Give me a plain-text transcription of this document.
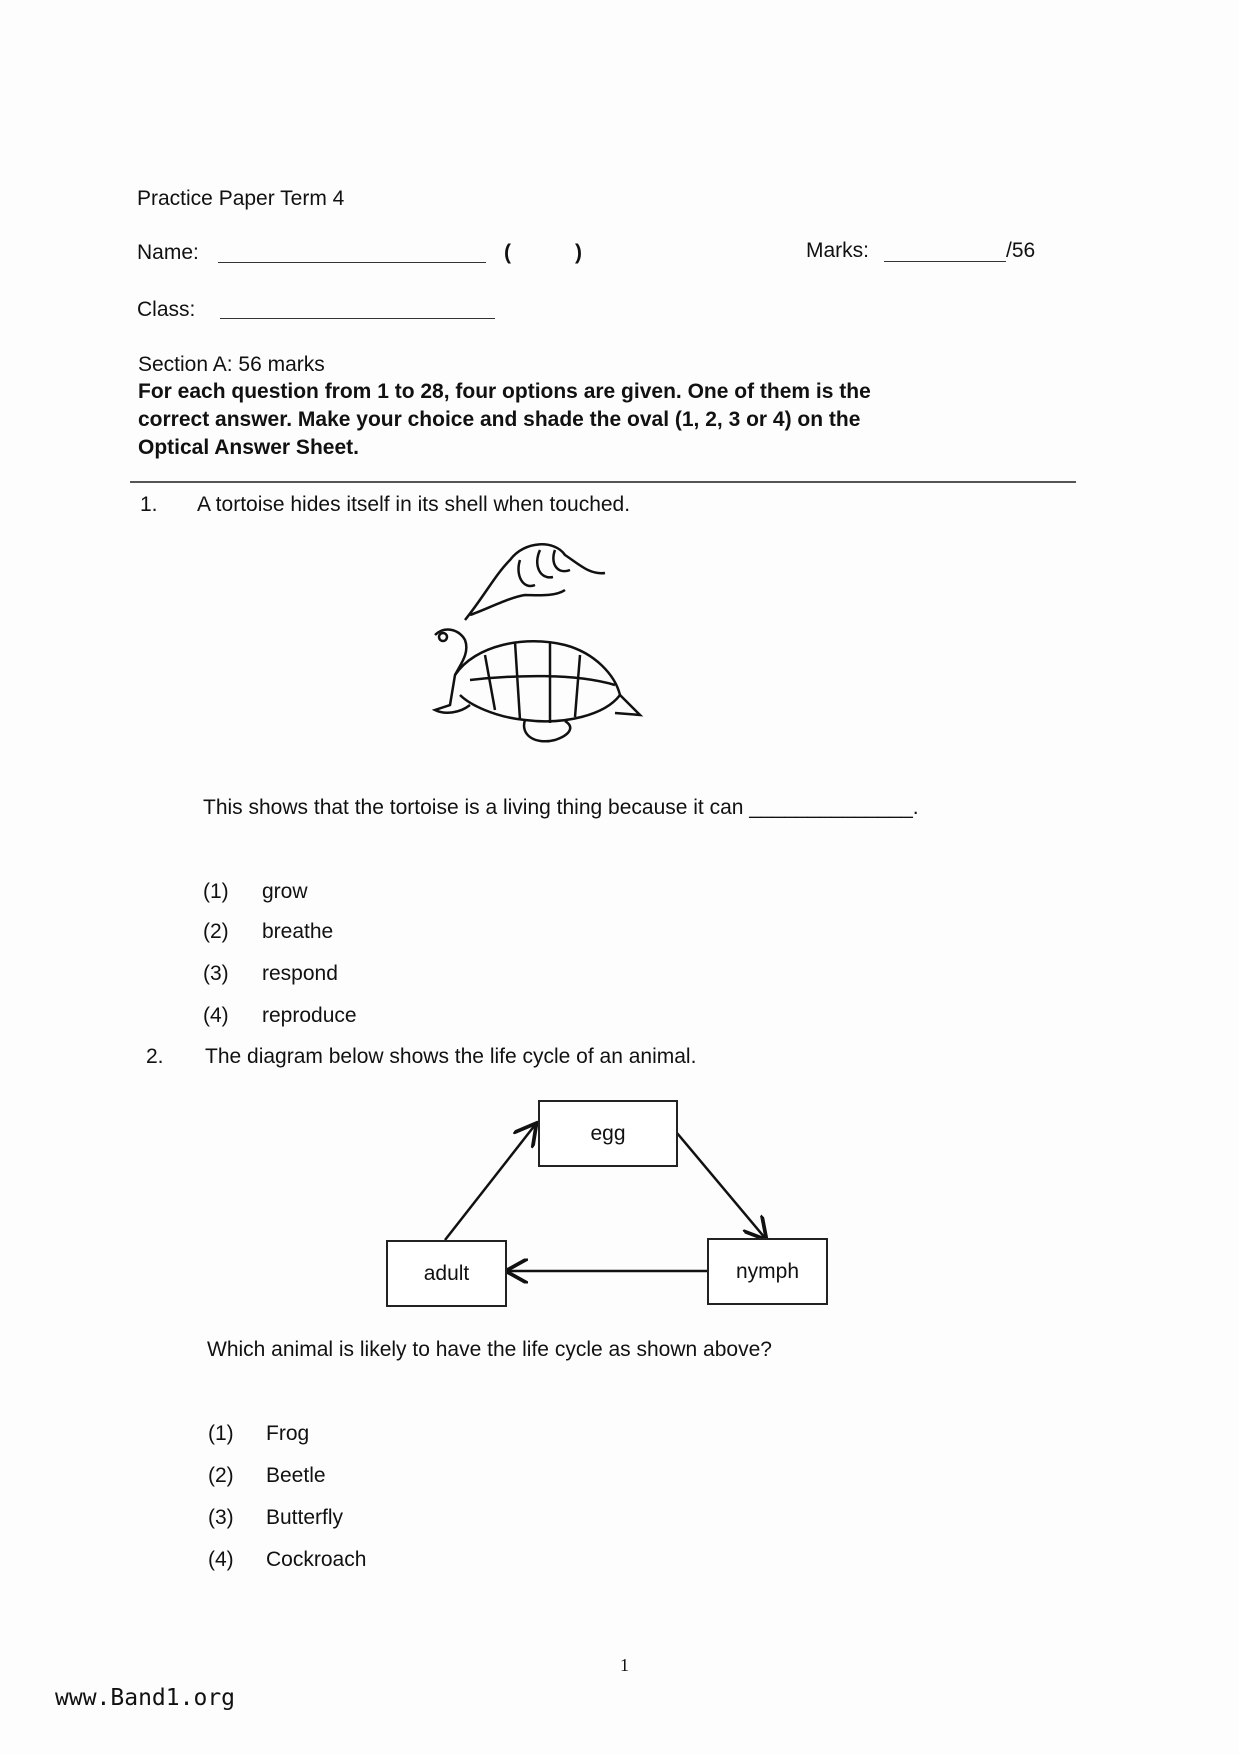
Practice Paper Term 4
Name:	(	)	Marks:	/56
Class:
Section A: 56 marks
For each question from 1 to 28, four options are given. One of them is the
correct answer. Make your choice and shade the oval (1, 2, 3 or 4) on the
Optical Answer Sheet.
1. A tortoise hides itself in its shell when touched.
This shows that the tortoise is a living thing because it can ______________.
(1) grow
(2) breathe
(3) respond
(4) reproduce
2. The diagram below shows the life cycle of an animal.
egg
nymph
adult
Which animal is likely to have the life cycle as shown above?
(1) Frog
(2) Beetle
(3) Butterfly
(4) Cockroach
1
www.Band1.org
